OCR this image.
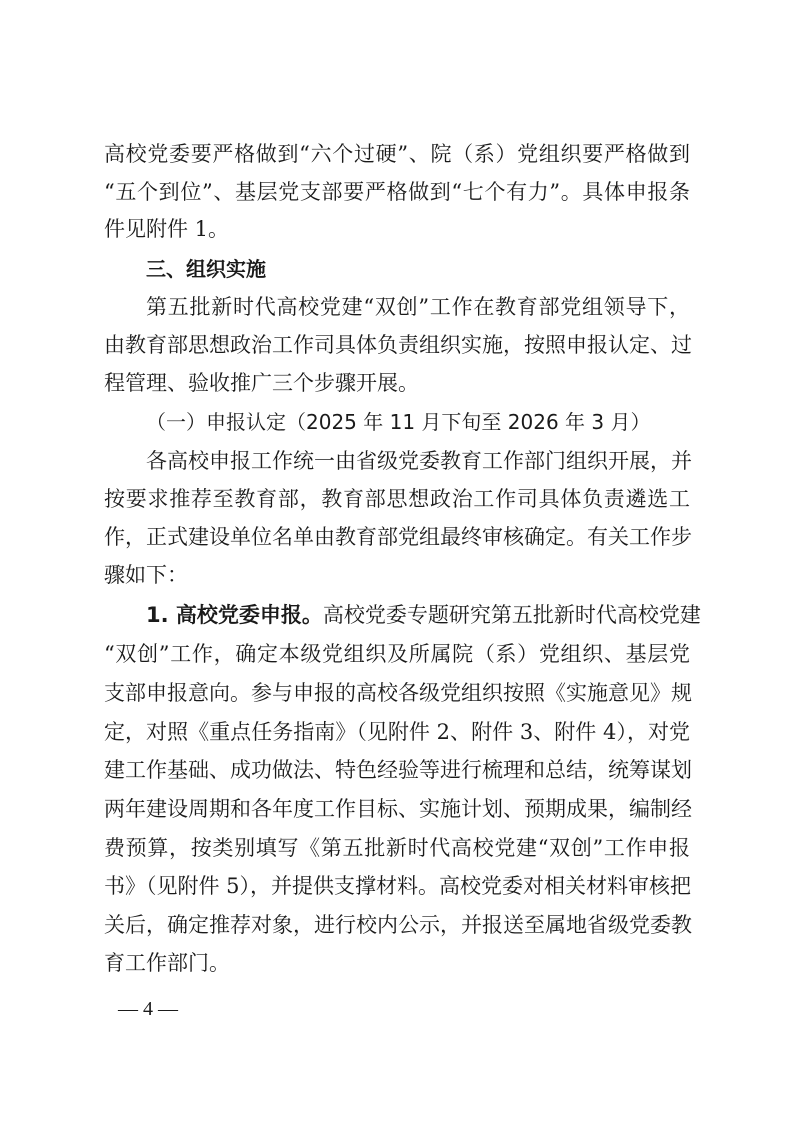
高校党委要严格做到“六个过硬”、院（系）党组织要严格做到
“五个到位”、基层党支部要严格做到“七个有力”。具体申报条
件见附件 1。
三、组织实施
第五批新时代高校党建“双创”工作在教育部党组领导下，
由教育部思想政治工作司具体负责组织实施，按照申报认定、过
程管理、验收推广三个步骤开展。
（一）申报认定（2025 年 11 月下旬至 2026 年 3 月）
各高校申报工作统一由省级党委教育工作部门组织开展，并
按要求推荐至教育部，教育部思想政治工作司具体负责遴选工
作，正式建设单位名单由教育部党组最终审核确定。有关工作步
骤如下：
1. 高校党委申报。高校党委专题研究第五批新时代高校党建
“双创”工作，确定本级党组织及所属院（系）党组织、基层党
支部申报意向。参与申报的高校各级党组织按照《实施意见》规
定，对照《重点任务指南》（见附件 2、附件 3、附件 4），对党
建工作基础、成功做法、特色经验等进行梳理和总结，统筹谋划
两年建设周期和各年度工作目标、实施计划、预期成果，编制经
费预算，按类别填写《第五批新时代高校党建“双创”工作申报
书》（见附件 5），并提供支撑材料。高校党委对相关材料审核把
关后，确定推荐对象，进行校内公示，并报送至属地省级党委教
育工作部门。
— 4 —
